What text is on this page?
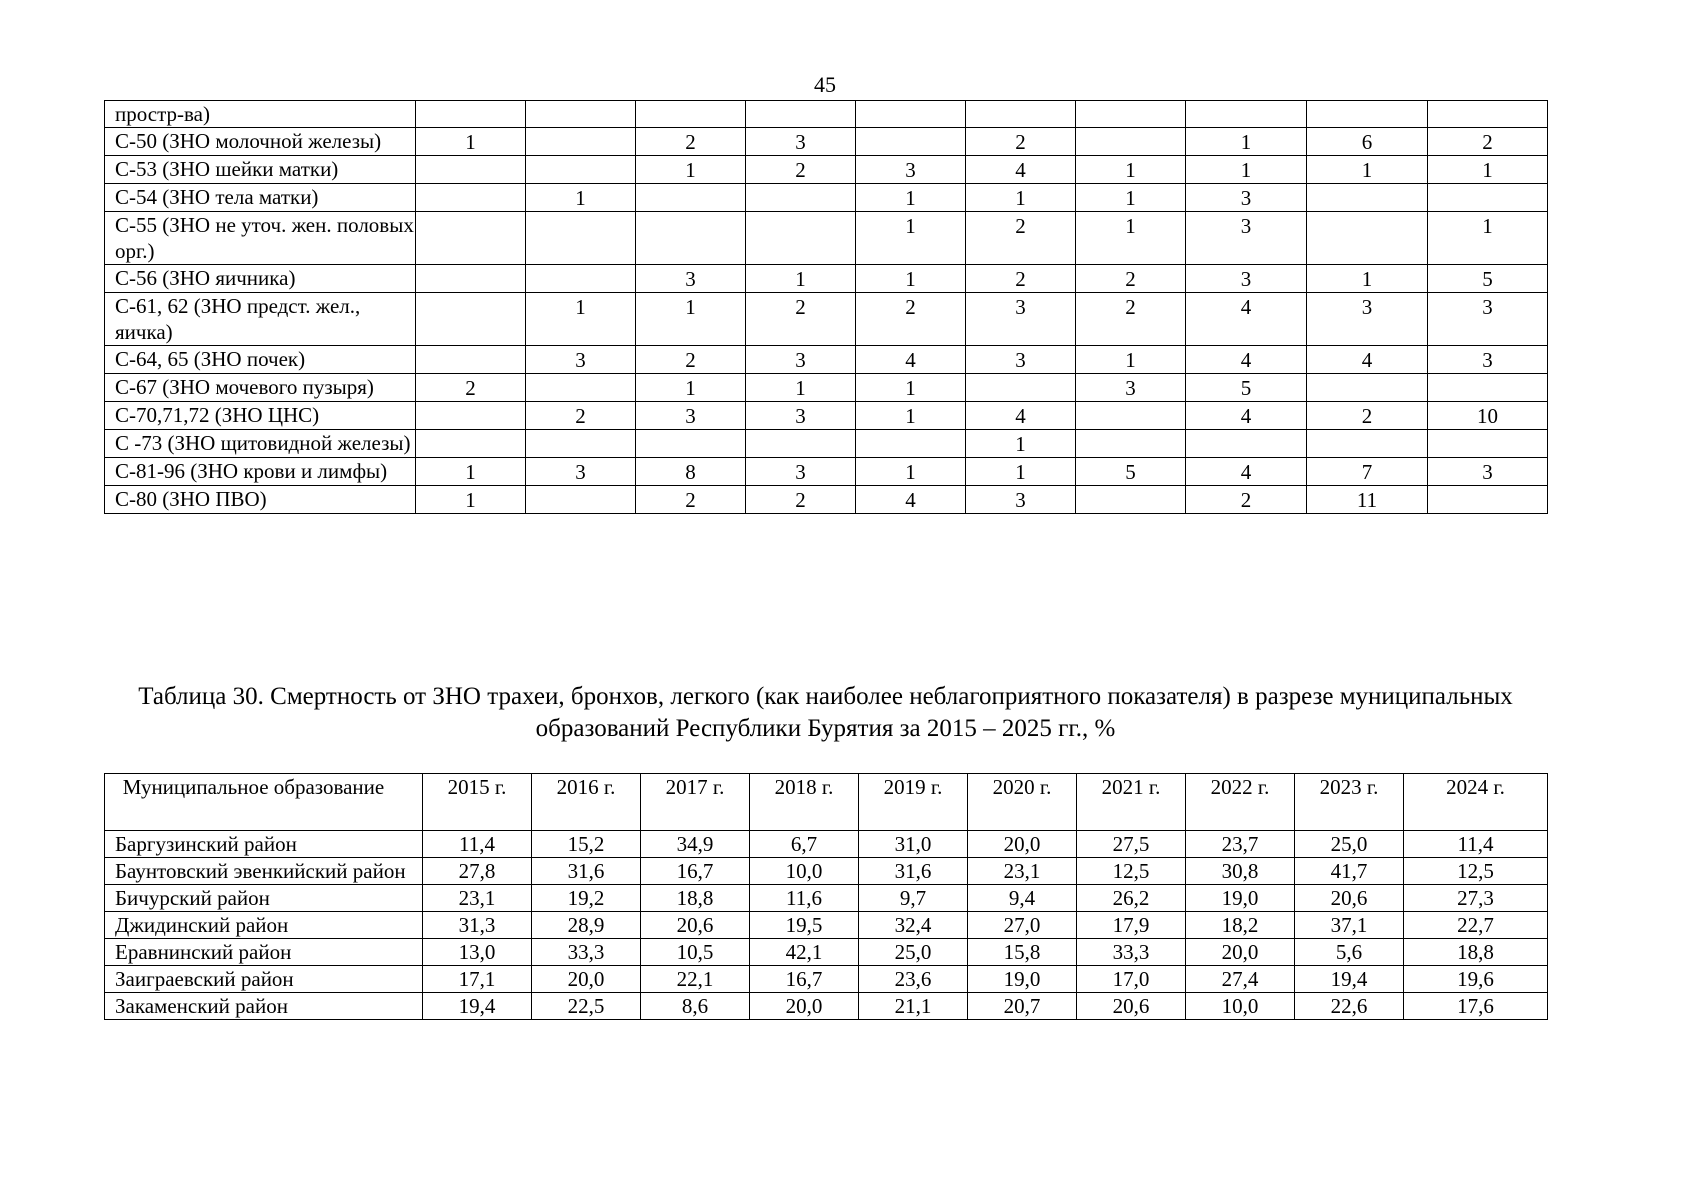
45
простр-ва)										
С-50 (ЗНО молочной железы)	1		2	3		2		1	6	2
С-53 (ЗНО шейки матки)			1	2	3	4	1	1	1	1
С-54 (ЗНО тела матки)		1			1	1	1	3		
С-55 (ЗНО не уточ. жен. половых орг.)					1	2	1	3		1
С-56 (ЗНО яичника)			3	1	1	2	2	3	1	5
С-61, 62 (ЗНО предст. жел., яичка)		1	1	2	2	3	2	4	3	3
С-64, 65 (ЗНО почек)		3	2	3	4	3	1	4	4	3
С-67 (ЗНО мочевого пузыря)	2		1	1	1		3	5		
С-70,71,72 (ЗНО ЦНС)		2	3	3	1	4		4	2	10
С -73 (ЗНО щитовидной железы)						1				
С-81-96 (ЗНО крови и лимфы)	1	3	8	3	1	1	5	4	7	3
С-80 (ЗНО ПВО)	1		2	2	4	3		2	11	
Таблица 30. Смертность от ЗНО трахеи, бронхов, легкого (как наиболее неблагоприятного показателя) в разрезе муниципальных образований Республики Бурятия за 2015 – 2025 гг., %
Муниципальное образование	2015 г.	2016 г.	2017 г.	2018 г.	2019 г.	2020 г.	2021 г.	2022 г.	2023 г.	2024 г.
Баргузинский район	11,4	15,2	34,9	6,7	31,0	20,0	27,5	23,7	25,0	11,4
Баунтовский эвенкийский район	27,8	31,6	16,7	10,0	31,6	23,1	12,5	30,8	41,7	12,5
Бичурский район	23,1	19,2	18,8	11,6	9,7	9,4	26,2	19,0	20,6	27,3
Джидинский район	31,3	28,9	20,6	19,5	32,4	27,0	17,9	18,2	37,1	22,7
Еравнинский район	13,0	33,3	10,5	42,1	25,0	15,8	33,3	20,0	5,6	18,8
Заиграевский район	17,1	20,0	22,1	16,7	23,6	19,0	17,0	27,4	19,4	19,6
Закаменский район	19,4	22,5	8,6	20,0	21,1	20,7	20,6	10,0	22,6	17,6
